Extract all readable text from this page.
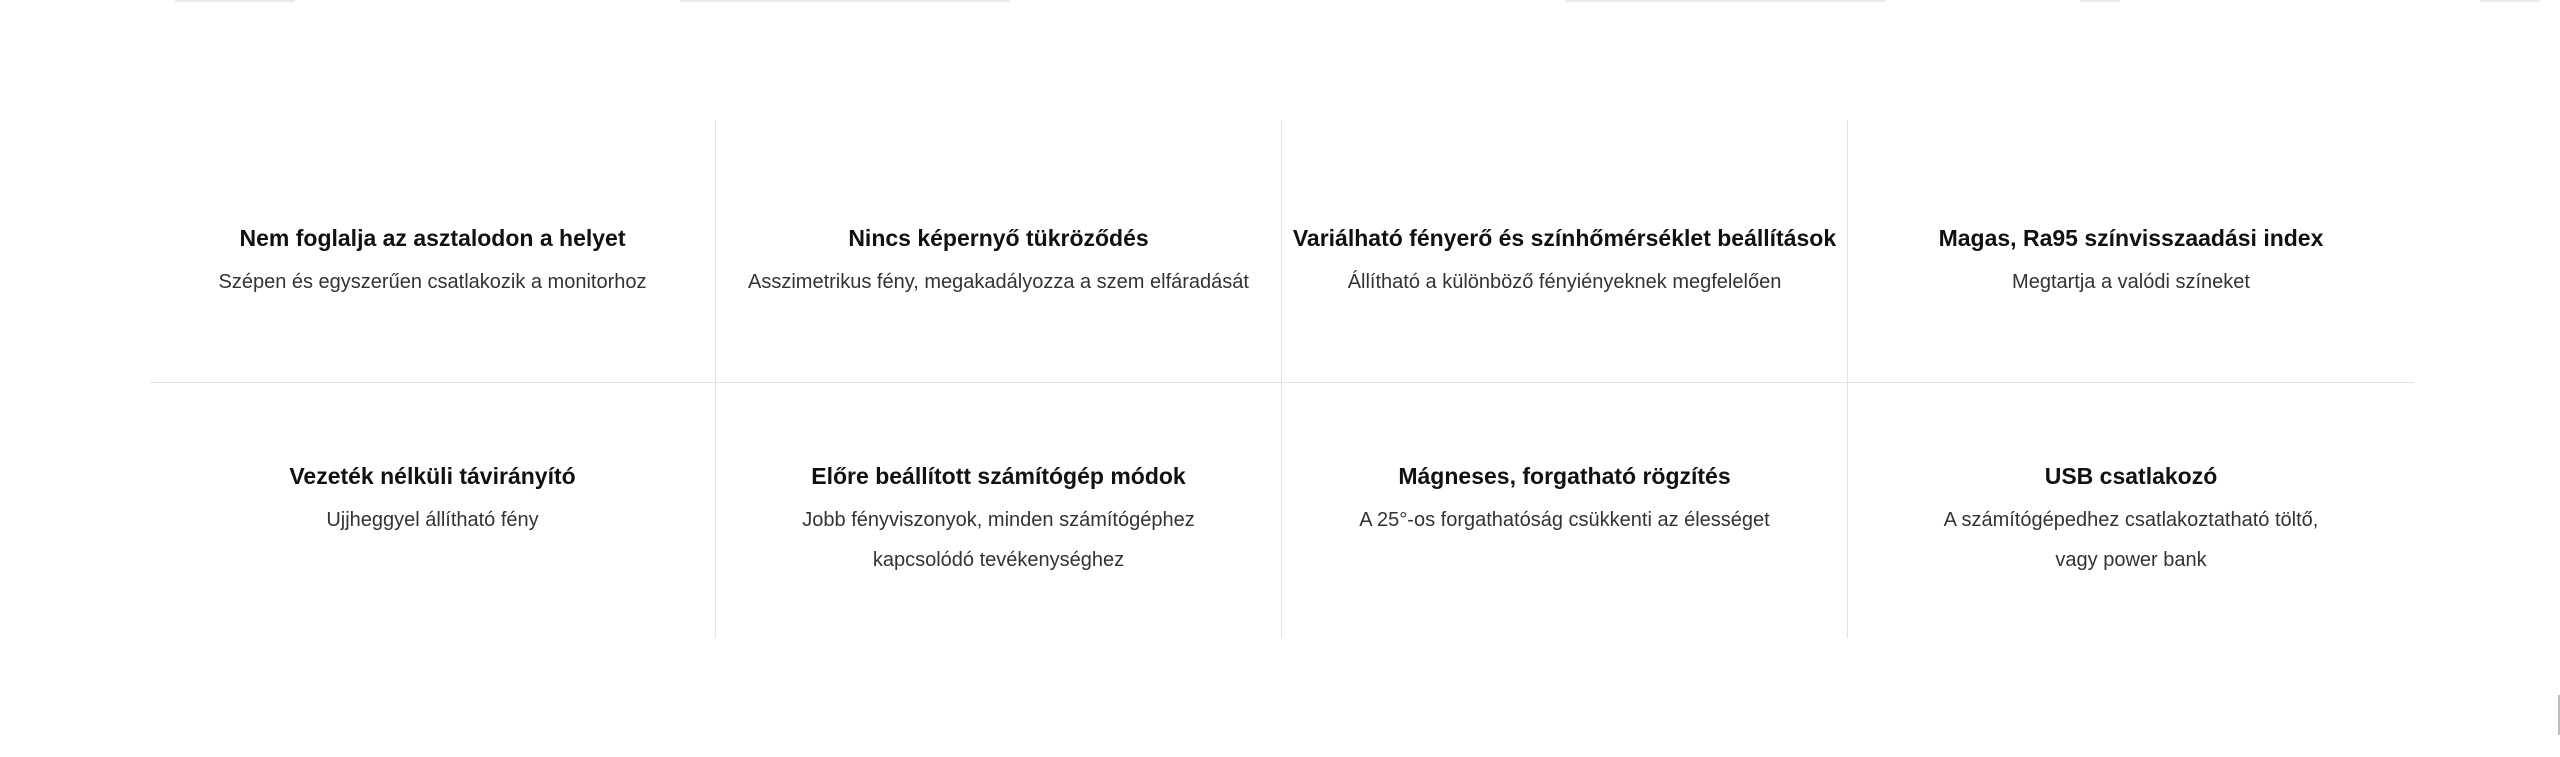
Nem foglalja az asztalodon a helyet

Szépen és egyszerűen csatlakozik a monitorhoz

Nincs képernyő tükröződés

Asszimetrikus fény, megakadályozza a szem elfáradását

Variálható fényerő és színhőmérséklet beállítások

Állítható a különböző fényiényeknek megfelelően

Magas, Ra95 színvisszaadási index

Megtartja a valódi színeket

Vezeték nélküli távirányító

Ujjheggyel állítható fény

Előre beállított számítógép módok

Jobb fényviszonyok, minden számítógéphez
kapcsolódó tevékenységhez

Mágneses, forgatható rögzítés

A 25°-os forgathatóság csükkenti az élességet

USB csatlakozó

A számítógépedhez csatlakoztatható töltő,
vagy power bank
